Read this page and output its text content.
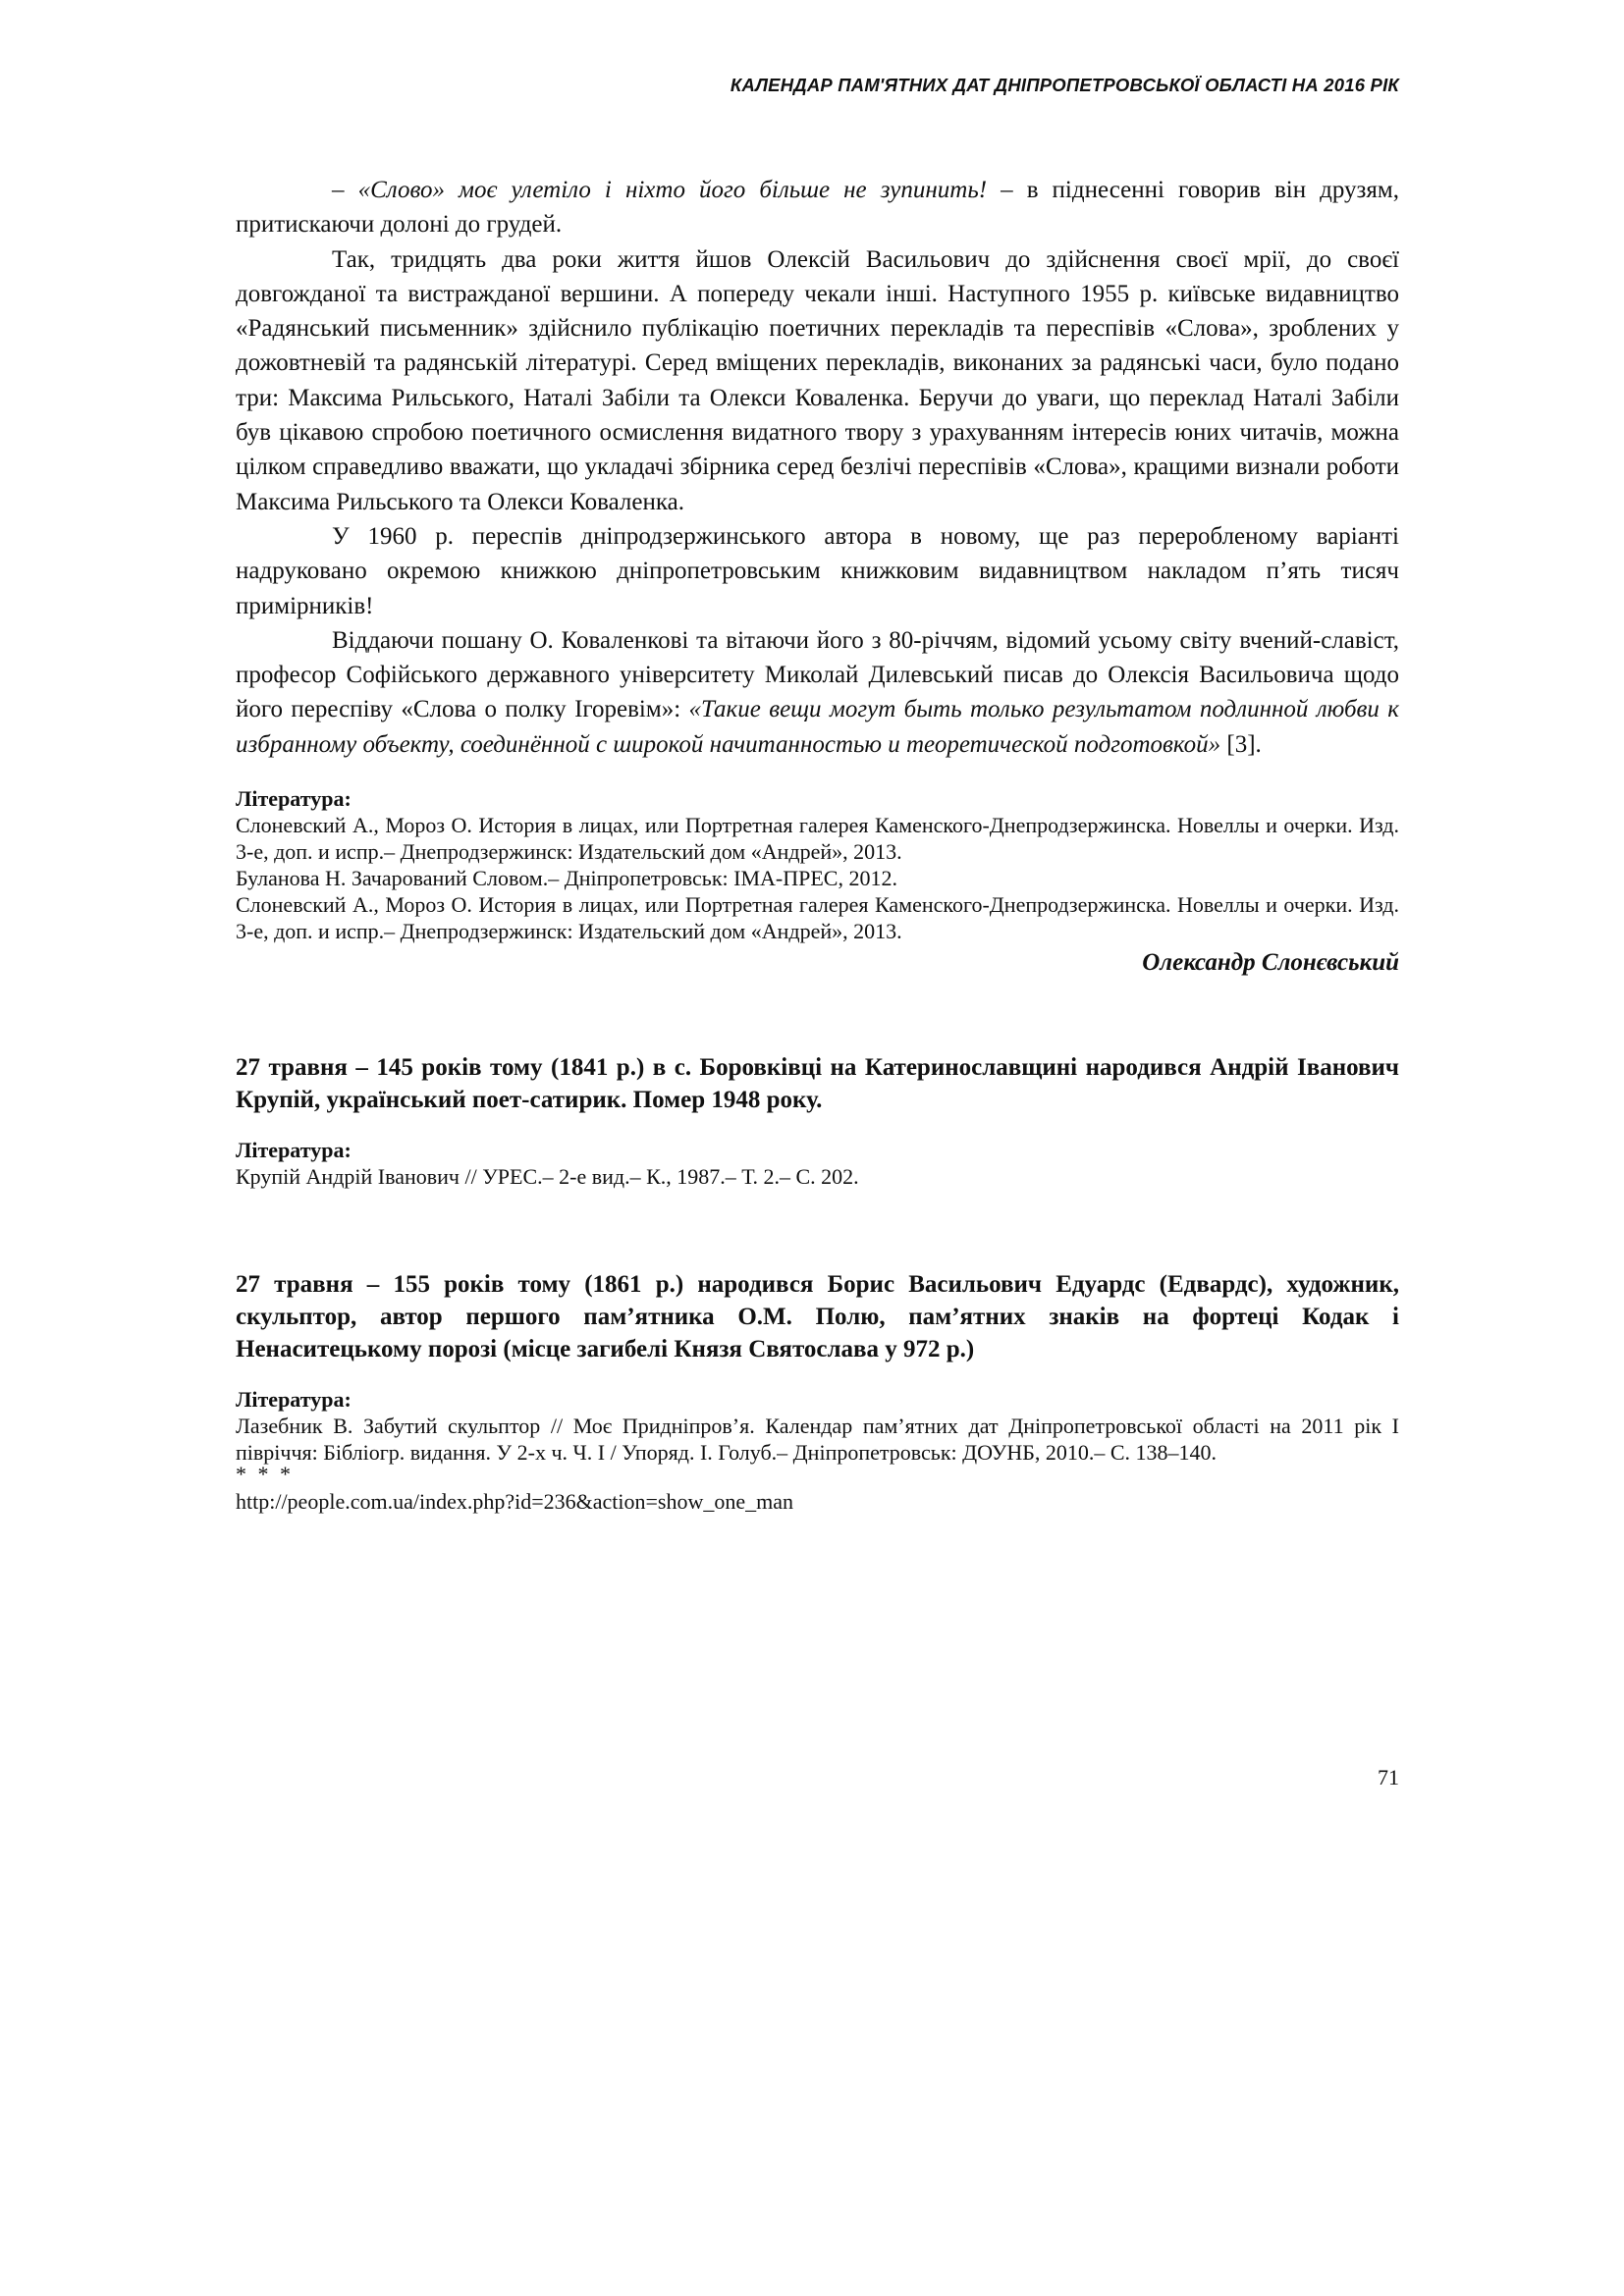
КАЛЕНДАР ПАМ'ЯТНИХ ДАТ ДНІПРОПЕТРОВСЬКОЇ ОБЛАСТІ НА 2016 РІК

– «Слово» моє улетіло і ніхто його більше не зупинить! – в піднесенні говорив він друзям, притискаючи долоні до грудей.

Так, тридцять два роки життя йшов Олексій Васильович до здійснення своєї мрії, до своєї довгожданої та вистражданої вершини. А попереду чекали інші. Наступного 1955 р. київське видавництво «Радянський письменник» здійснило публікацію поетичних перекладів та переспівів «Слова», зроблених у дожовтневій та радянській літературі. Серед вміщених перекладів, виконаних за радянські часи, було подано три: Максима Рильського, Наталі Забіли та Олекси Коваленка. Беручи до уваги, що переклад Наталі Забіли був цікавою спробою поетичного осмислення видатного твору з урахуванням інтересів юних читачів, можна цілком справедливо вважати, що укладачі збірника серед безлічі переспівів «Слова», кращими визнали роботи Максима Рильського та Олекси Коваленка.

У 1960 р. переспів дніпродзержинського автора в новому, ще раз переробленому варіанті надруковано окремою книжкою дніпропетровським книжковим видавництвом накладом п’ять тисяч примірників!

Віддаючи пошану О. Коваленкові та вітаючи його з 80-річчям, відомий усьому світу вчений-славіст, професор Софійського державного університету Миколай Дилевський писав до Олексія Васильовича щодо його переспіву «Слова о полку Ігоревім»: «Такие вещи могут быть только результатом подлинной любви к избранному объекту, соединённой с широкой начитанностью и теоретической подготовкой» [3].

Література:

Слоневский А., Мороз О. История в лицах, или Портретная галерея Каменского-Днепродзержинска. Новеллы и очерки. Изд. 3-е, доп. и испр.– Днепродзержинск: Издательский дом «Андрей», 2013.

Буланова Н. Зачарований Словом.– Дніпропетровськ: ІМА-ПРЕС, 2012.

Слоневский А., Мороз О. История в лицах, или Портретная галерея Каменского-Днепродзержинска. Новеллы и очерки. Изд. 3-е, доп. и испр.– Днепродзержинск: Издательский дом «Андрей», 2013.

Олександр Слонєвський

27 травня – 145 років тому (1841 р.) в с. Боровківці на Катеринославщині народився Андрій Іванович Крупій, український поет-сатирик. Помер 1948 року.

Література:

Крупій Андрій Іванович // УРЕС.– 2-е вид.– К., 1987.– Т. 2.– С. 202.

27 травня – 155 років тому (1861 р.) народився Борис Васильович Едуардс (Едвардс), художник, скульптор, автор першого пам’ятника О.М. Полю, пам’ятних знаків на фортеці Кодак і Ненаситецькому порозі (місце загибелі Князя Святослава у 972 р.)

Література:

Лазебник В. Забутий скульптор // Моє Придніпров’я. Календар пам’ятних дат Дніпропетровської області на 2011 рік І півріччя: Бібліогр. видання. У 2-х ч. Ч. І / Упоряд. І. Голуб.– Дніпропетровськ: ДОУНБ, 2010.– С. 138–140.

* * *

http://people.com.ua/index.php?id=236&action=show_one_man

71
